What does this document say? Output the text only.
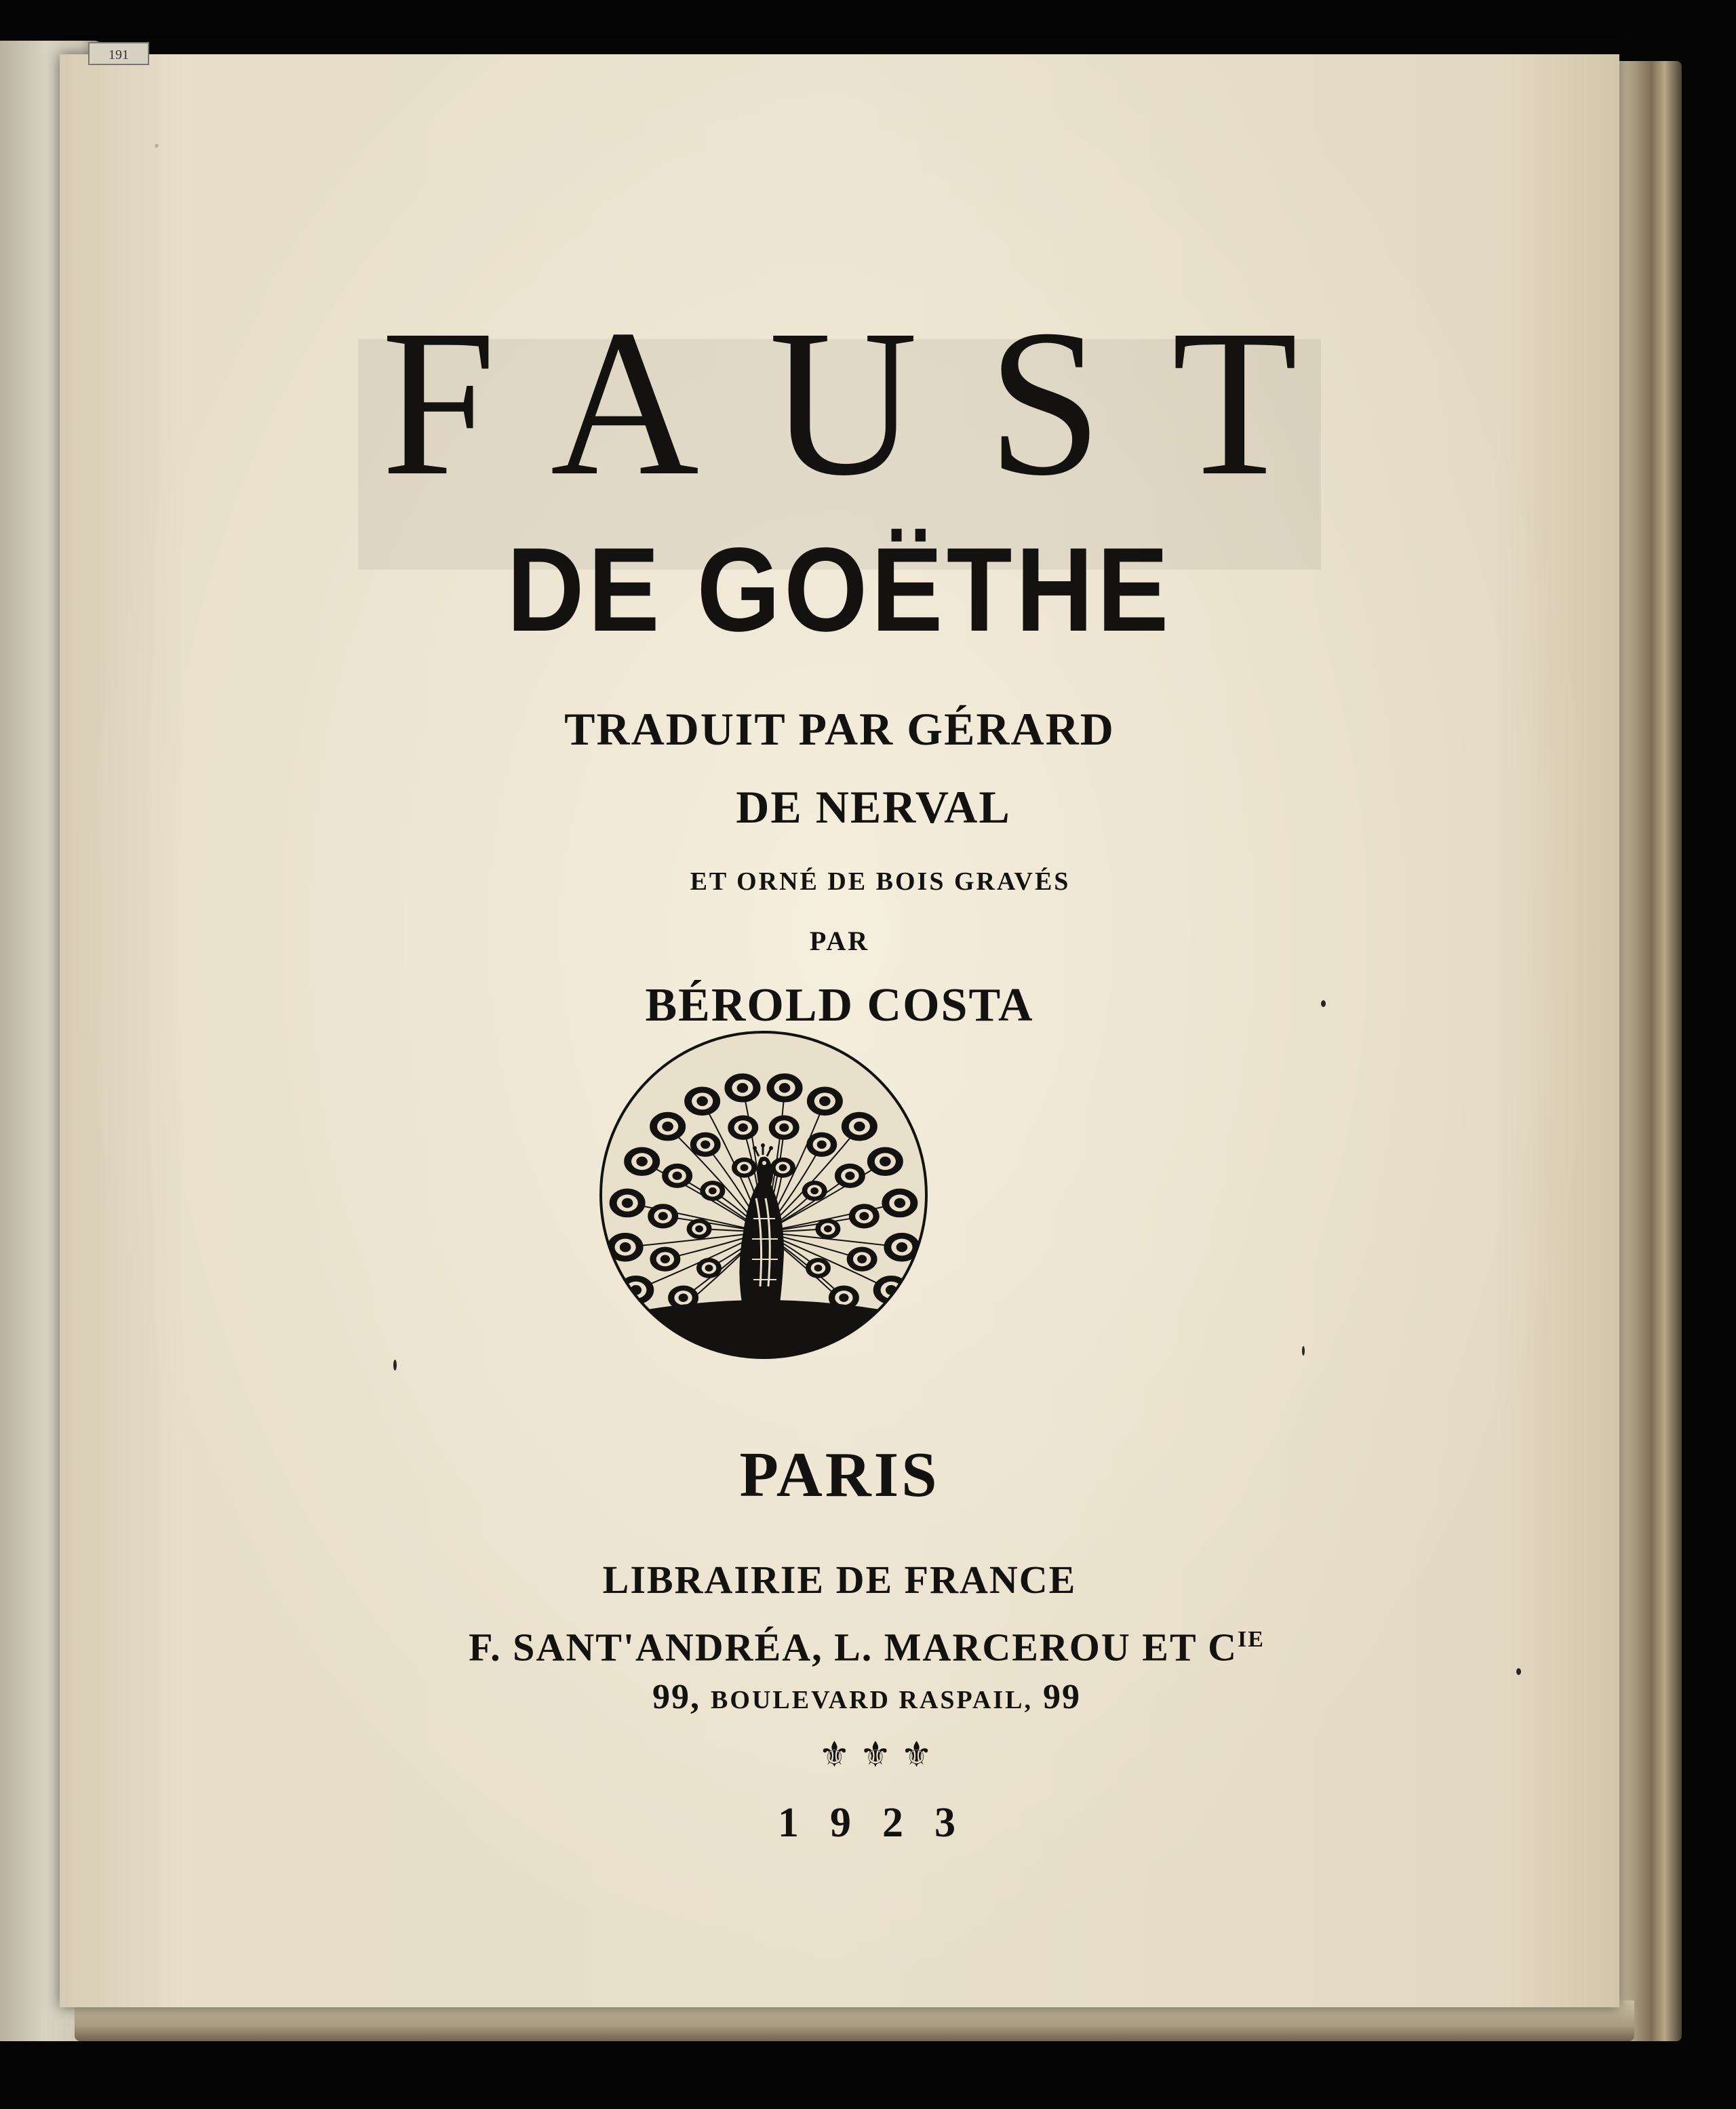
191
FAUST
DE GOËTHE
TRADUIT PAR GÉRARD
DE NERVAL
ET ORNÉ DE BOIS GRAVÉS
PAR
BÉROLD COSTA
PARIS
LIBRAIRIE DE FRANCE
F. SANT'ANDRÉA, L. MARCEROU ET $C^{IE}$
99, BOULEVARD RASPAIL, 99
⚜⚜⚜
1923
